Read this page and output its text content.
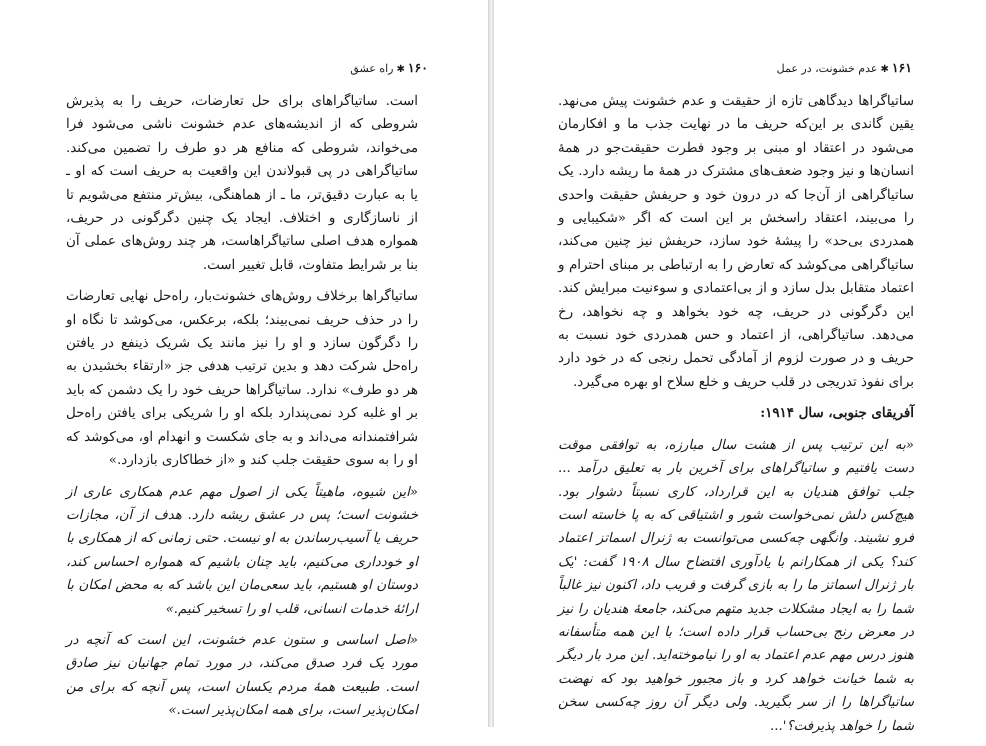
۱۶۰✱راه عشق

است. ساتیاگراهای برای حل تعارضات، حریف را به پذیرش شروطی که از اندیشه‌های عدم خشونت ناشی می‌شود فرا می‌خواند، شروطی که منافع هر دو طرف را تضمین می‌کند. ساتیاگراهی در پی قبولاندن این واقعیت به حریف است که او ـ یا به عبارت دقیق‌تر، ما ـ از هماهنگی، بیش‌تر منتفع می‌شویم تا از ناسازگاری و اختلاف. ایجاد یک چنین دگرگونی در حریف، همواره هدف اصلی ساتیاگراهاست، هر چند روش‌های عملی آن بنا بر شرایط متفاوت، قابل تغییر است.

ساتیاگراها برخلاف روش‌های خشونت‌بار، راه‌حل نهایی تعارضات را در حذف حریف نمی‌بیند؛ بلکه، برعکس، می‌کوشد تا نگاه او را دگرگون سازد و او را نیز مانند یک شریک ذینفع در یافتن راه‌حل شرکت دهد و بدین ترتیب هدفی جز «ارتقاء بخشیدن به هر دو طرف» ندارد. ساتیاگراها حریف خود را یک دشمن که باید بر او غلبه کرد نمی‌پندارد بلکه او را شریکی برای یافتن راه‌حل شرافتمندانه می‌داند و به جای شکست و انهدام او، می‌کوشد که او را به سوی حقیقت جلب کند و «از خطاکاری بازدارد.»

«این شیوه، ماهیتاً یکی از اصول مهم عدم همکاری عاری از خشونت است؛ پس در عشق ریشه دارد. هدف از آن، مجازات حریف یا آسیب‌رساندن به او نیست. حتی زمانی که از همکاری با او خودداری می‌کنیم، باید چنان باشیم که همواره احساس کند، دوستان او هستیم، باید سعی‌مان این باشد که به محض امکان با ارائهٔ خدمات انسانی، قلب او را تسخیر کنیم.»

«اصل اساسی و ستون عدم خشونت، این است که آنچه در مورد یک فرد صدق می‌کند، در مورد تمام جهانیان نیز صادق است. طبیعت همهٔ مردم یکسان است، پس آنچه که برای من امکان‌پذیر است، برای همه امکان‌پذیر است.»

۱۶۱✱عدم خشونت، در عمل

ساتیاگراها دیدگاهی تازه از حقیقت و عدم خشونت پیش می‌نهد. یقین گاندی بر این‌که حریف ما در نهایت جذب ما و افکارمان می‌شود در اعتقاد او مبنی بر وجود فطرت حقیقت‌جو در همهٔ انسان‌ها و نیز وجود ضعف‌های مشترک در همهٔ ما ریشه دارد. یک ساتیاگراهی از آن‌جا که در درون خود و حریفش حقیقت واحدی را می‌بیند، اعتقاد راسخش بر این است که اگر «شکیبایی و همدردی بی‌حد» را پیشهٔ خود سازد، حریفش نیز چنین می‌کند، ساتیاگراهی می‌کوشد که تعارض را به ارتباطی بر مبنای احترام و اعتماد متقابل بدل سازد و از بی‌اعتمادی و سوءنیت مبرایش کند. این دگرگونی در حریف، چه خود بخواهد و چه نخواهد، رخ می‌دهد. ساتیاگراهی، از اعتماد و حس همدردی خود نسبت به حریف و در صورت لزوم از آمادگی تحمل رنجی که در خود دارد برای نفوذ تدریجی در قلب حریف و خلع سلاح او بهره می‌گیرد.

آفریقای جنوبی، سال ۱۹۱۴:

«به این ترتیب پس از هشت سال مبارزه، به توافقی موقت دست یافتیم و ساتیاگراهای برای آخرین بار به تعلیق درآمد ... جلب توافق هندیان به این قرارداد، کاری نسبتاً دشوار بود. هیچ‌کس دلش نمی‌خواست شور و اشتیاقی که به پا خاسته است فرو نشیند. وانگهی چه‌کسی می‌توانست به ژنرال اسماتز اعتماد کند؟ یکی از همکارانم با یادآوری افتضاح سال ۱۹۰۸ گفت: 'یک بار ژنرال اسماتز ما را به بازی گرفت و فریب داد، اکنون نیز غالباً شما را به ایجاد مشکلات جدید متهم می‌کند، جامعهٔ هندیان را نیز در معرض رنج بی‌حساب قرار داده است؛ با این همه متأسفانه هنوز درس مهم عدم اعتماد به او را نیاموخته‌اید. این مرد بار دیگر به شما خیانت خواهد کرد و باز مجبور خواهید بود که نهضت ساتیاگراها را از سر بگیرید. ولی دیگر آن روز چه‌کسی سخن شما را خواهد پذیرفت؟'...
